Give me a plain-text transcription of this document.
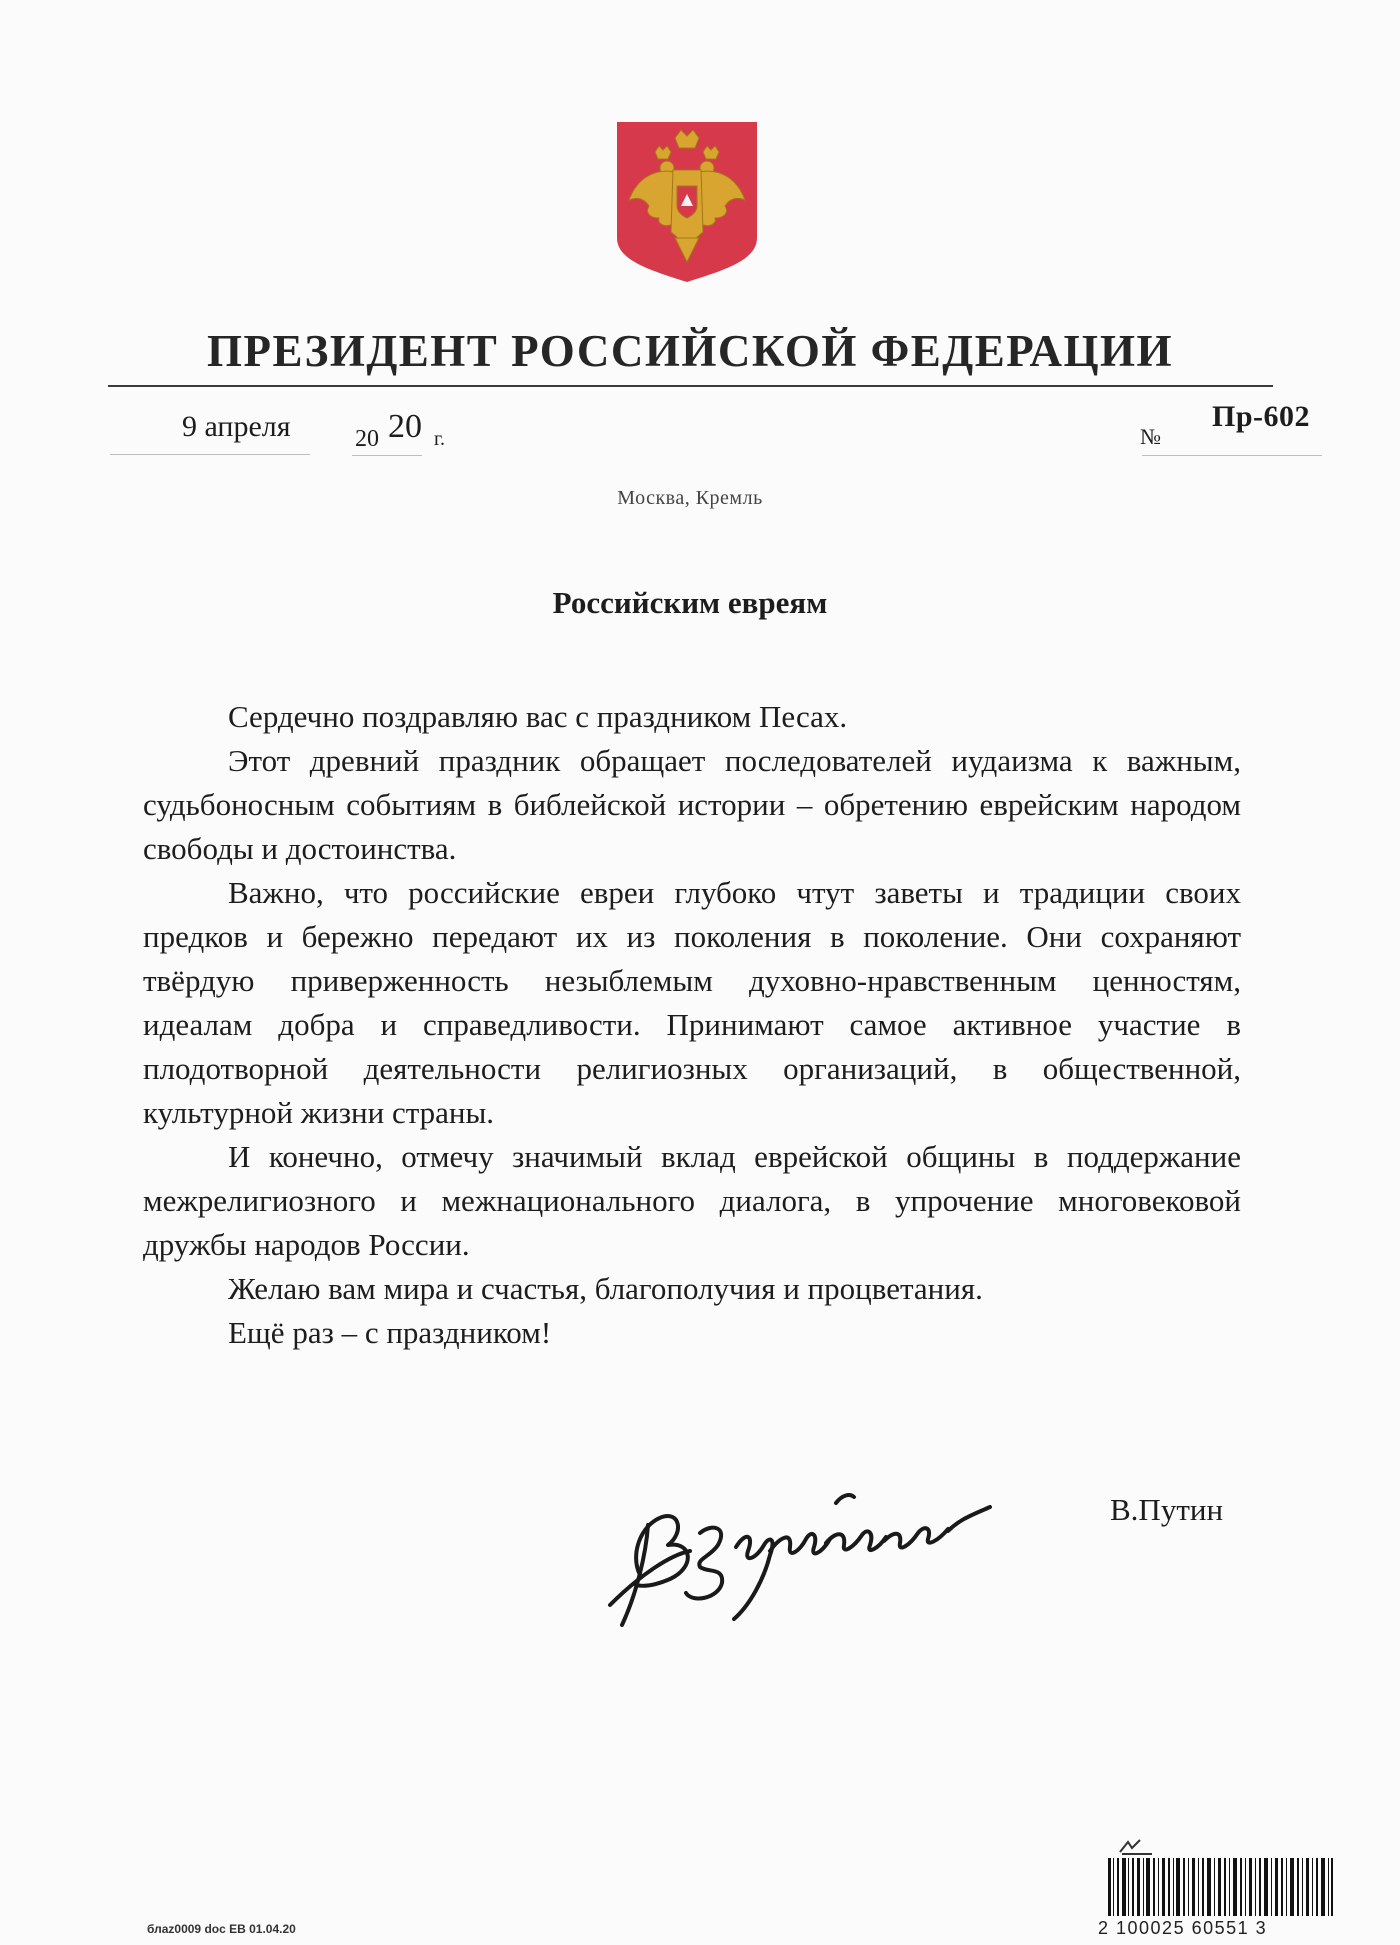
ПРЕЗИДЕНТ РОССИЙСКОЙ ФЕДЕРАЦИИ
9 апреля	20 20 г.	№
Пр-602
Москва, Кремль
Российским евреям

Сердечно поздравляю вас с праздником Песах.

Этот древний праздник обращает последователей иудаизма к важным, судьбоносным событиям в библейской истории – обретению еврейским народом свободы и достоинства.

Важно, что российские евреи глубоко чтут заветы и традиции своих предков и бережно передают их из поколения в поколение. Они сохраняют твёрдую приверженность незыблемым духовно-нравственным ценностям, идеалам добра и справедливости. Принимают самое активное участие в плодотворной деятельности религиозных организаций, в общественной, культурной жизни страны.

И конечно, отмечу значимый вклад еврейской общины в поддержание межрелигиозного и межнационального диалога, в упрочение многовековой дружбы народов России.

Желаю вам мира и счастья, благополучия и процветания.

Ещё раз – с праздником!

В.Путин
блаz0009 doc EB 01.04.20	2 100025 60551 3
